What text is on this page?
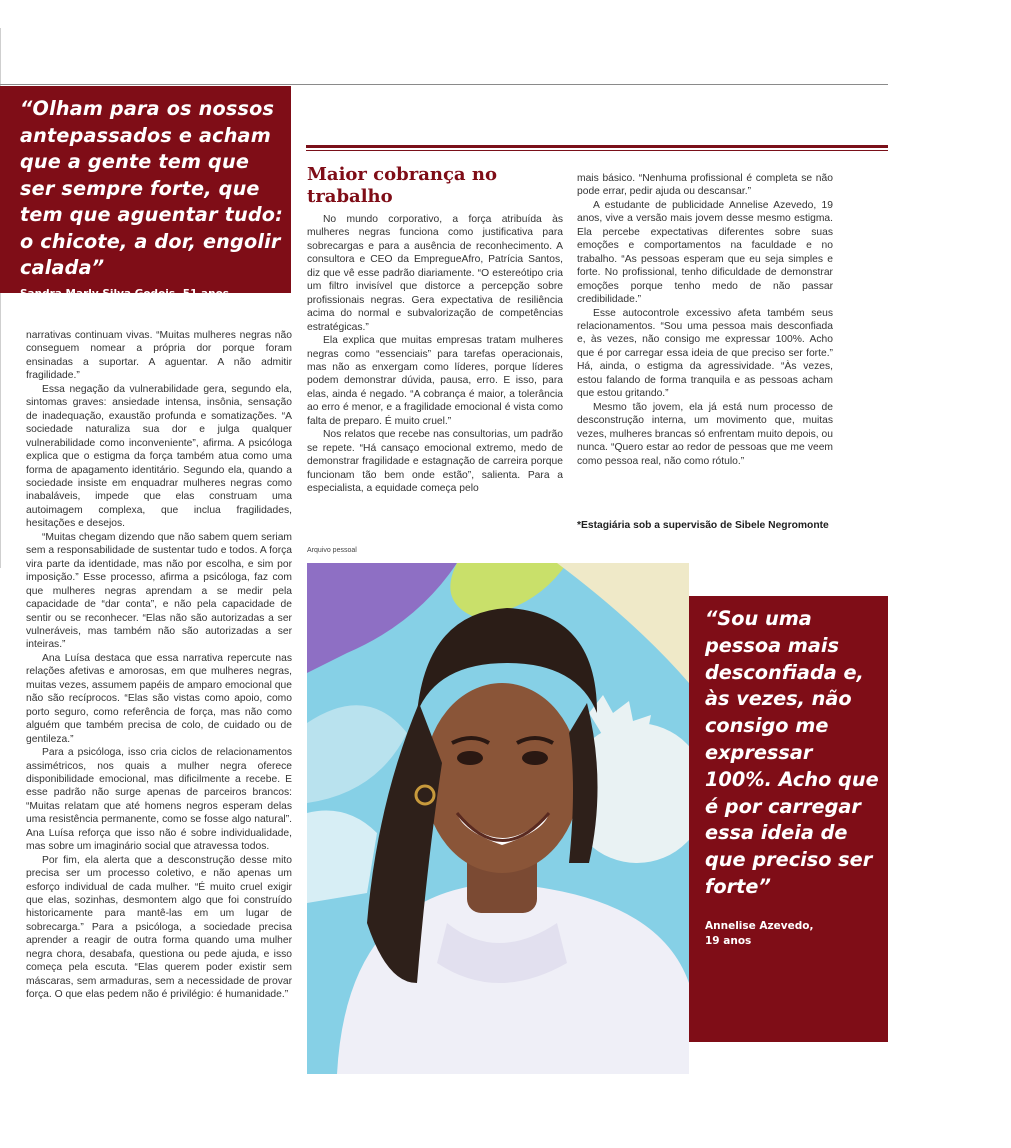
“Olham para os nossos antepassados e acham que a gente tem que ser sempre forte, que tem que aguentar tudo: o chicote, a dor, engolir calada”

Sandra Marly Silva Godois, 51 anos

narrativas continuam vivas. “Muitas mulheres negras não conseguem nomear a própria dor porque foram ensinadas a suportar. A aguentar. A não admitir fragilidade.”

Essa negação da vulnerabilidade gera, segundo ela, sintomas graves: ansiedade intensa, insônia, sensação de inadequação, exaustão profunda e somatizações. “A sociedade naturaliza sua dor e julga qualquer vulnerabilidade como inconveniente”, afirma. A psicóloga explica que o estigma da força também atua como uma forma de apagamento identitário. Segundo ela, quando a sociedade insiste em enquadrar mulheres negras como inabaláveis, impede que elas construam uma autoimagem complexa, que inclua fragilidades, hesitações e desejos.

“Muitas chegam dizendo que não sabem quem seriam sem a responsabilidade de sustentar tudo e todos. A força vira parte da identidade, mas não por escolha, e sim por imposição.” Esse processo, afirma a psicóloga, faz com que mulheres negras aprendam a se medir pela capacidade de “dar conta”, e não pela capacidade de sentir ou se reconhecer. “Elas não são autorizadas a ser vulneráveis, mas também não são autorizadas a ser inteiras.”

Ana Luísa destaca que essa narrativa repercute nas relações afetivas e amorosas, em que mulheres negras, muitas vezes, assumem papéis de amparo emocional que não são recíprocos. “Elas são vistas como apoio, como porto seguro, como referência de força, mas não como alguém que também precisa de colo, de cuidado ou de gentileza.”

Para a psicóloga, isso cria ciclos de relacionamentos assimétricos, nos quais a mulher negra oferece disponibilidade emocional, mas dificilmente a recebe. E esse padrão não surge apenas de parceiros brancos: “Muitas relatam que até homens negros esperam delas uma resistência permanente, como se fosse algo natural”. Ana Luísa reforça que isso não é sobre individualidade, mas sobre um imaginário social que atravessa todos.

Por fim, ela alerta que a desconstrução desse mito precisa ser um processo coletivo, e não apenas um esforço individual de cada mulher. “É muito cruel exigir que elas, sozinhas, desmontem algo que foi construído historicamente para mantê-las em um lugar de sobrecarga.” Para a psicóloga, a sociedade precisa aprender a reagir de outra forma quando uma mulher negra chora, desabafa, questiona ou pede ajuda, e isso começa pela escuta. “Elas querem poder existir sem máscaras, sem armaduras, sem a necessidade de provar força. O que elas pedem não é privilégio: é humanidade.”

Maior cobrança no trabalho

No mundo corporativo, a força atribuída às mulheres negras funciona como justificativa para sobrecargas e para a ausência de reconhecimento. A consultora e CEO da EmpregueAfro, Patrícia Santos, diz que vê esse padrão diariamente. “O estereótipo cria um filtro invisível que distorce a percepção sobre profissionais negras. Gera expectativa de resiliência acima do normal e subvalorização de competências estratégicas.”

Ela explica que muitas empresas tratam mulheres negras como “essenciais” para tarefas operacionais, mas não as enxergam como líderes, porque líderes podem demonstrar dúvida, pausa, erro. E isso, para elas, ainda é negado. “A cobrança é maior, a tolerância ao erro é menor, e a fragilidade emocional é vista como falta de preparo. É muito cruel.”

Nos relatos que recebe nas consultorias, um padrão se repete. “Há cansaço emocional extremo, medo de demonstrar fragilidade e estagnação de carreira porque funcionam tão bem onde estão”, salienta. Para a especialista, a equidade começa pelo

mais básico. “Nenhuma profissional é completa se não pode errar, pedir ajuda ou descansar.”

A estudante de publicidade Annelise Azevedo, 19 anos, vive a versão mais jovem desse mesmo estigma. Ela percebe expectativas diferentes sobre suas emoções e comportamentos na faculdade e no trabalho. “As pessoas esperam que eu seja simples e forte. No profissional, tenho dificuldade de demonstrar emoções porque tenho medo de não passar credibilidade.”

Esse autocontrole excessivo afeta também seus relacionamentos. “Sou uma pessoa mais desconfiada e, às vezes, não consigo me expressar 100%. Acho que é por carregar essa ideia de que preciso ser forte.” Há, ainda, o estigma da agressividade. “Às vezes, estou falando de forma tranquila e as pessoas acham que estou gritando.”

Mesmo tão jovem, ela já está num processo de desconstrução interna, um movimento que, muitas vezes, mulheres brancas só enfrentam muito depois, ou nunca. “Quero estar ao redor de pessoas que me veem como pessoa real, não como rótulo.”

*Estagiária sob a supervisão de Sibele Negromonte

Arquivo pessoal

“Sou uma pessoa mais desconfiada e, às vezes, não consigo me expressar 100%. Acho que é por carregar essa ideia de que preciso ser forte”

Annelise Azevedo,
19 anos
